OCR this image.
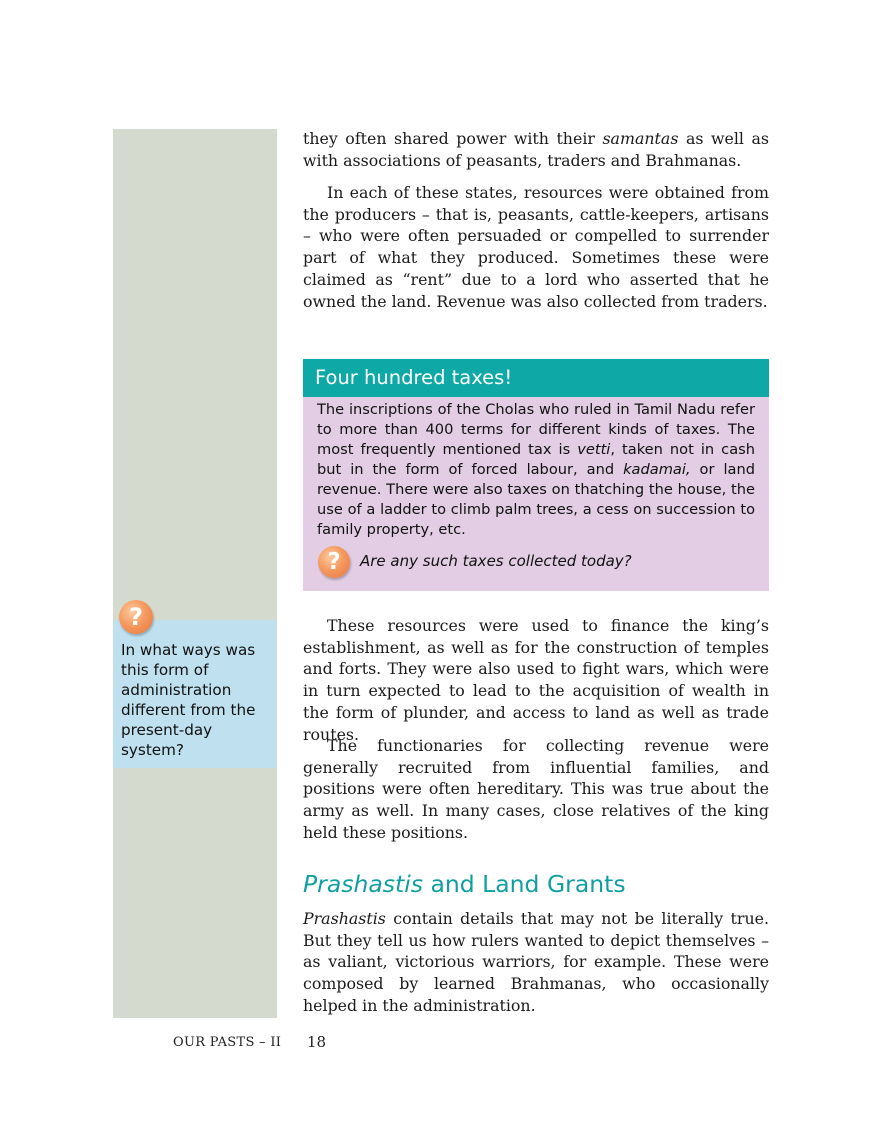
?
In what ways was this form of administration different from the present-day system?

they often shared power with their samantas as well as with associations of peasants, traders and Brahmanas.

In each of these states, resources were obtained from the producers – that is, peasants, cattle-keepers, artisans – who were often persuaded or compelled to surrender part of what they produced. Sometimes these were claimed as “rent” due to a lord who asserted that he owned the land. Revenue was also collected from traders.

Four hundred taxes!
The inscriptions of the Cholas who ruled in Tamil Nadu refer to more than 400 terms for different kinds of taxes. The most frequently mentioned tax is vetti, taken not in cash but in the form of forced labour, and kadamai, or land revenue. There were also taxes on thatching the house, the use of a ladder to climb palm trees, a cess on succession to family property, etc.
?	Are any such taxes collected today?

These resources were used to finance the king’s establishment, as well as for the construction of temples and forts. They were also used to fight wars, which were in turn expected to lead to the acquisition of wealth in the form of plunder, and access to land as well as trade routes.

The functionaries for collecting revenue were generally recruited from influential families, and positions were often hereditary. This was true about the army as well. In many cases, close relatives of the king held these positions.

Prashastis and Land Grants

Prashastis contain details that may not be literally true. But they tell us how rulers wanted to depict themselves – as valiant, victorious warriors, for example. These were composed by learned Brahmanas, who occasionally helped in the administration.

OUR PASTS – II 18
